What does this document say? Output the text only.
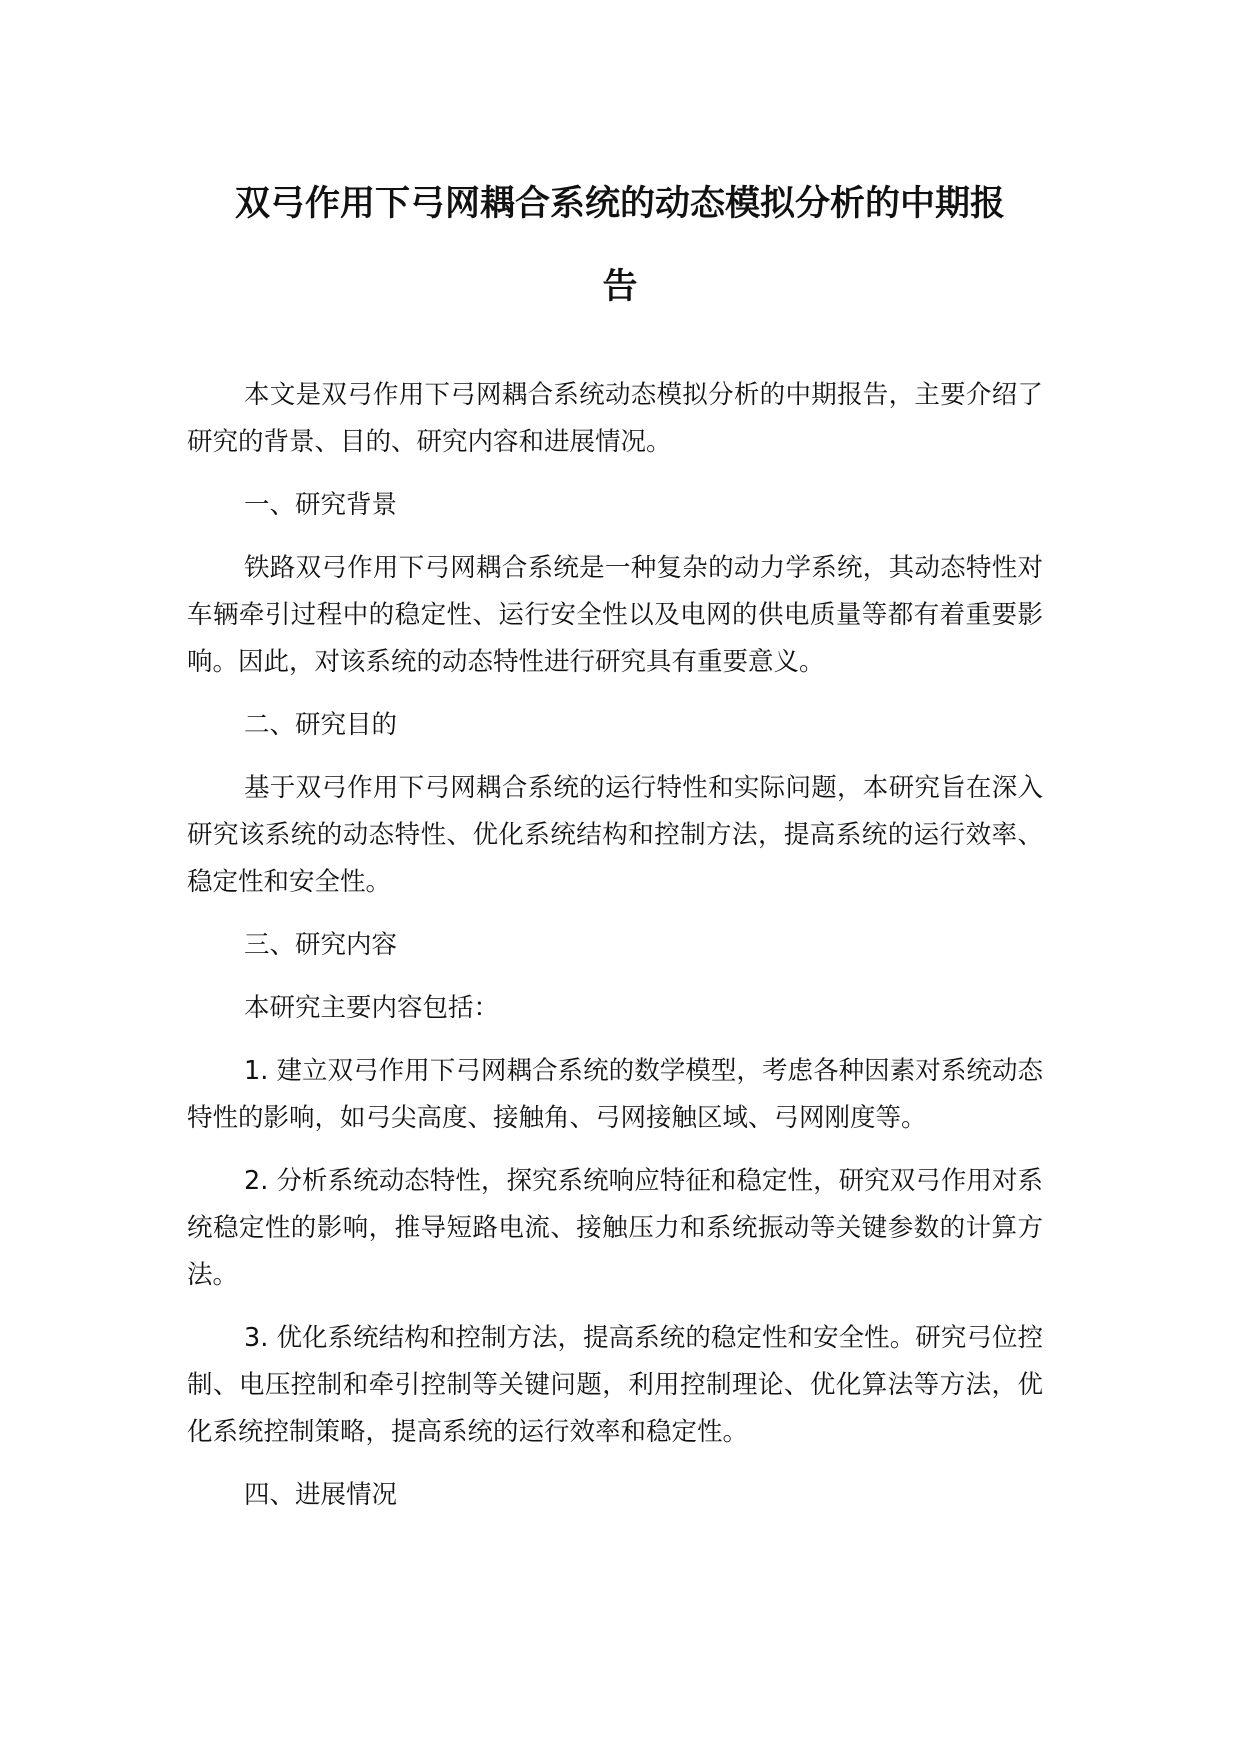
双弓作用下弓网耦合系统的动态模拟分析的中期报
告

本文是双弓作用下弓网耦合系统动态模拟分析的中期报告，主要介绍了研究的背景、目的、研究内容和进展情况。

一、研究背景

铁路双弓作用下弓网耦合系统是一种复杂的动力学系统，其动态特性对车辆牵引过程中的稳定性、运行安全性以及电网的供电质量等都有着重要影响。因此，对该系统的动态特性进行研究具有重要意义。

二、研究目的

基于双弓作用下弓网耦合系统的运行特性和实际问题，本研究旨在深入研究该系统的动态特性、优化系统结构和控制方法，提高系统的运行效率、稳定性和安全性。

三、研究内容

本研究主要内容包括：

1. 建立双弓作用下弓网耦合系统的数学模型，考虑各种因素对系统动态特性的影响，如弓尖高度、接触角、弓网接触区域、弓网刚度等。

2. 分析系统动态特性，探究系统响应特征和稳定性，研究双弓作用对系统稳定性的影响，推导短路电流、接触压力和系统振动等关键参数的计算方法。

3. 优化系统结构和控制方法，提高系统的稳定性和安全性。研究弓位控制、电压控制和牵引控制等关键问题，利用控制理论、优化算法等方法，优化系统控制策略，提高系统的运行效率和稳定性。

四、进展情况
